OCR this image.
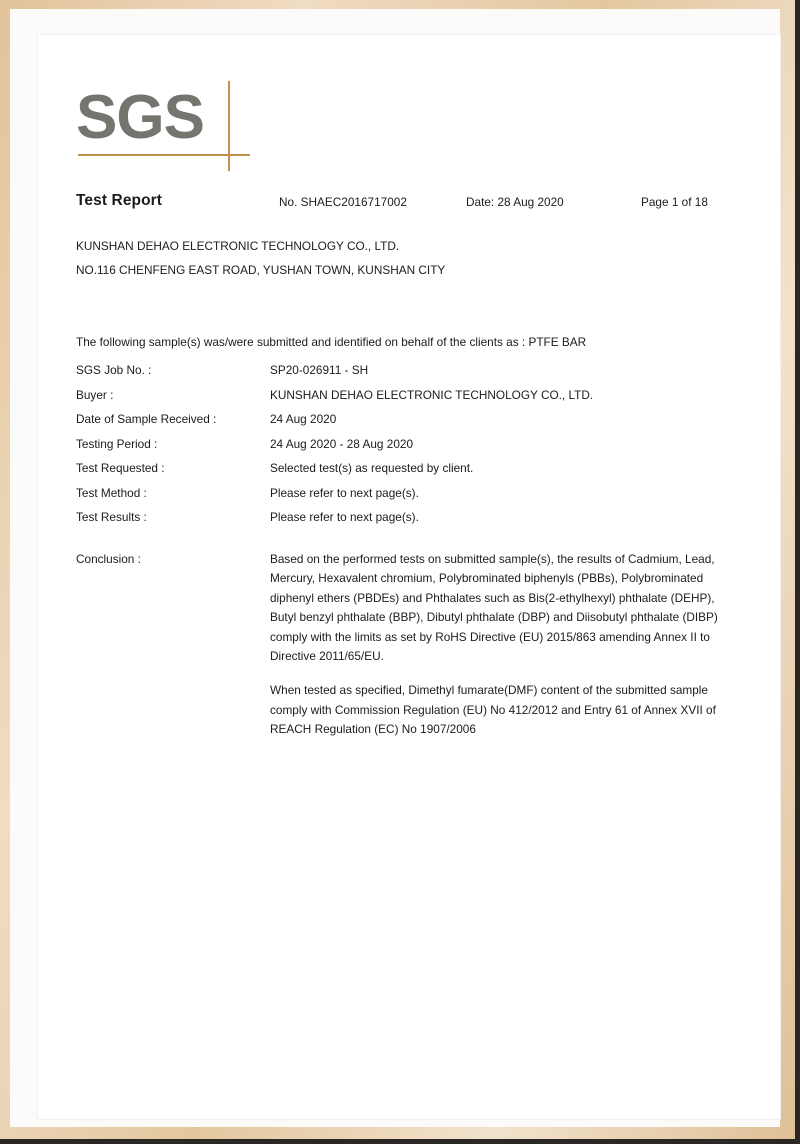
SGS
Test Report	No. SHAEC2016717002	Date: 28 Aug 2020	Page 1 of 18
KUNSHAN DEHAO ELECTRONIC TECHNOLOGY CO., LTD.
NO.116 CHENFENG EAST ROAD, YUSHAN TOWN, KUNSHAN CITY
The following sample(s) was/were submitted and identified on behalf of the clients as : PTFE BAR
SGS Job No. :	SP20-026911 - SH
Buyer :	KUNSHAN DEHAO ELECTRONIC TECHNOLOGY CO., LTD.
Date of Sample Received :	24 Aug 2020
Testing Period :	24 Aug 2020 - 28 Aug 2020
Test Requested :	Selected test(s) as requested by client.
Test Method :	Please refer to next page(s).
Test Results :	Please refer to next page(s).
Conclusion :	Based on the performed tests on submitted sample(s), the results of Cadmium, Lead, Mercury, Hexavalent chromium, Polybrominated biphenyls (PBBs), Polybrominated diphenyl ethers (PBDEs) and Phthalates such as Bis(2-ethylhexyl) phthalate (DEHP), Butyl benzyl phthalate (BBP), Dibutyl phthalate (DBP) and Diisobutyl phthalate (DIBP) comply with the limits as set by RoHS Directive (EU) 2015/863 amending Annex II to Directive 2011/65/EU.

When tested as specified, Dimethyl fumarate(DMF) content of the submitted sample comply with Commission Regulation (EU) No 412/2012 and Entry 61 of Annex XVII of REACH Regulation (EC) No 1907/2006
